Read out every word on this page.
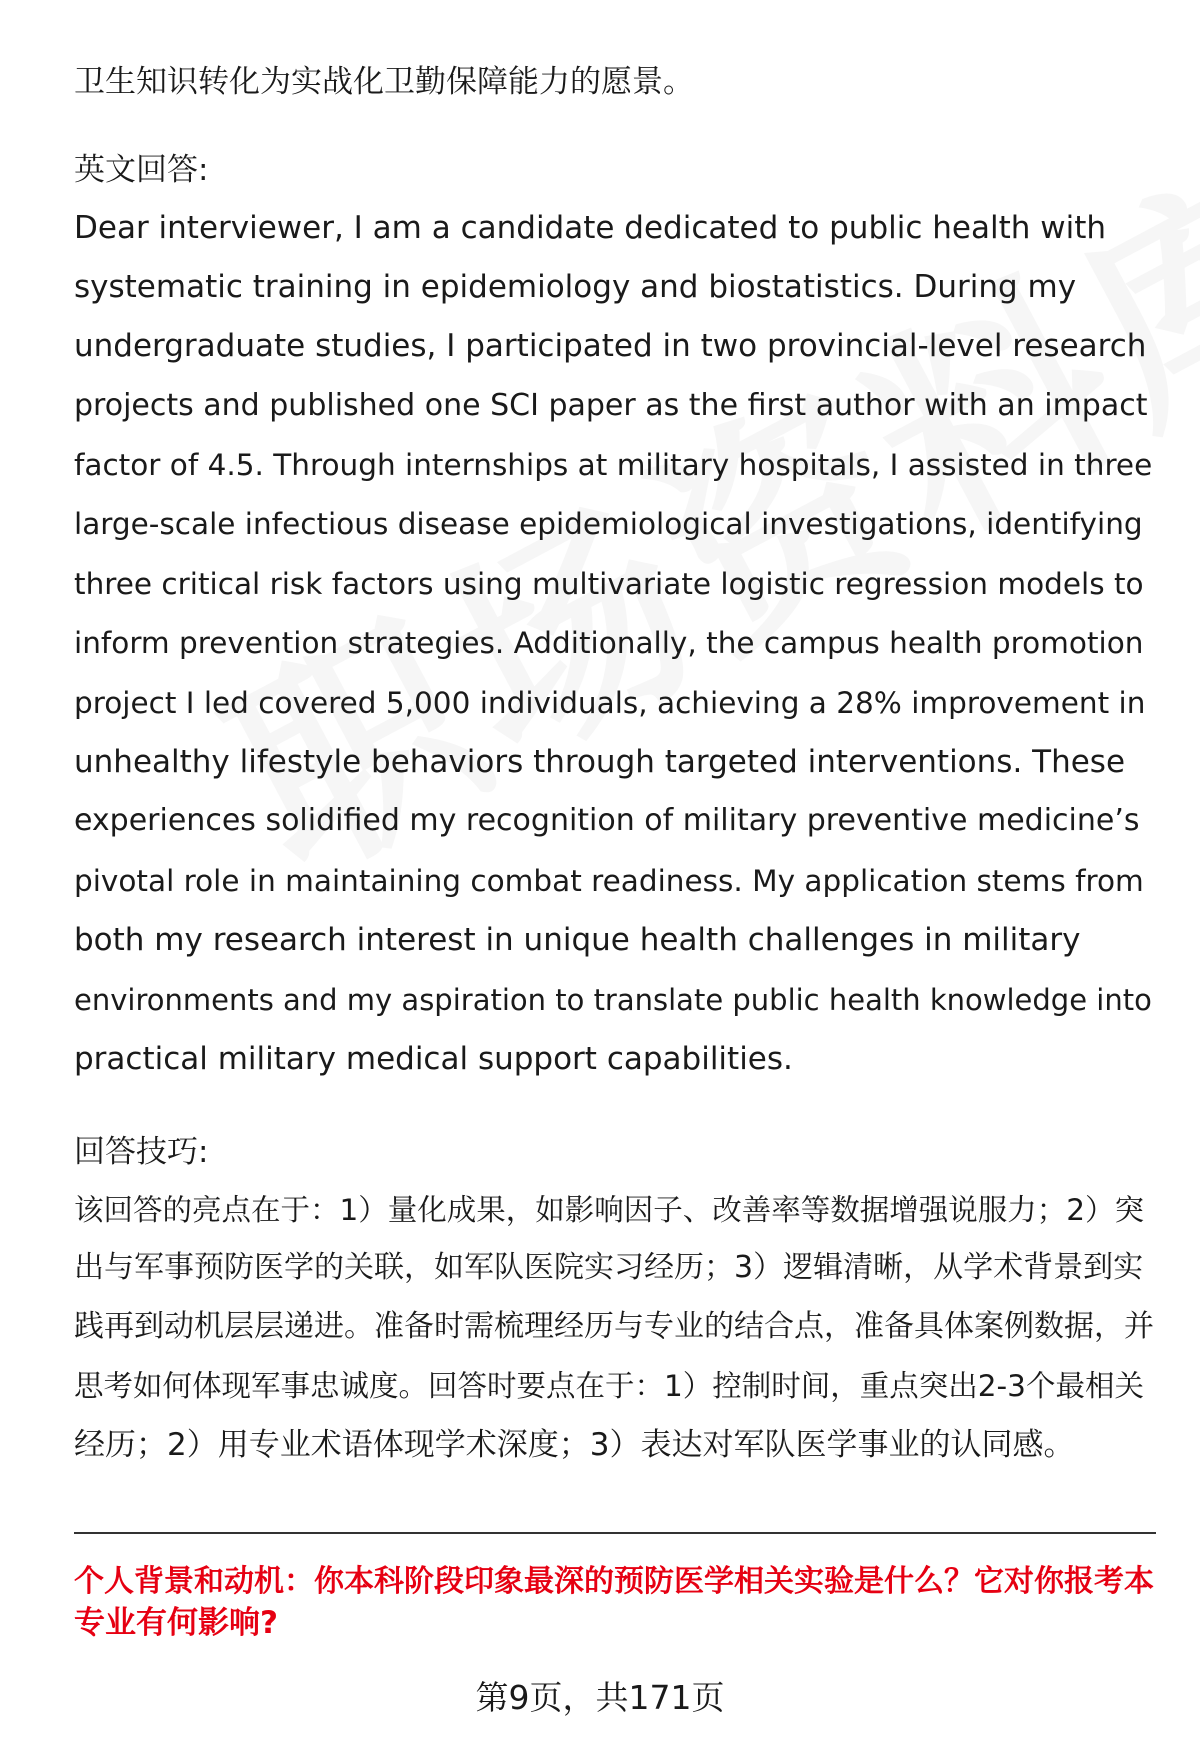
卫生知识转化为实战化卫勤保障能力的愿景。
英文回答:
Dear interviewer, I am a candidate dedicated to public health with
systematic training in epidemiology and biostatistics. During my
undergraduate studies, I participated in two provincial-level research
projects and published one SCI paper as the first author with an impact
factor of 4.5. Through internships at military hospitals, I assisted in three
large-scale infectious disease epidemiological investigations, identifying
three critical risk factors using multivariate logistic regression models to
inform prevention strategies. Additionally, the campus health promotion
project I led covered 5,000 individuals, achieving a 28% improvement in
unhealthy lifestyle behaviors through targeted interventions. These
experiences solidified my recognition of military preventive medicine’s
pivotal role in maintaining combat readiness. My application stems from
both my research interest in unique health challenges in military
environments and my aspiration to translate public health knowledge into
practical military medical support capabilities.
回答技巧:
该回答的亮点在于：1）量化成果，如影响因子、改善率等数据增强说服力；2）突
出与军事预防医学的关联，如军队医院实习经历；3）逻辑清晰，从学术背景到实
践再到动机层层递进。准备时需梳理经历与专业的结合点，准备具体案例数据，并
思考如何体现军事忠诚度。回答时要点在于：1）控制时间，重点突出2-3个最相关
经历；2）用专业术语体现学术深度；3）表达对军队医学事业的认同感。
个人背景和动机：你本科阶段印象最深的预防医学相关实验是什么？它对你报考本
专业有何影响?
第9页，共171页
